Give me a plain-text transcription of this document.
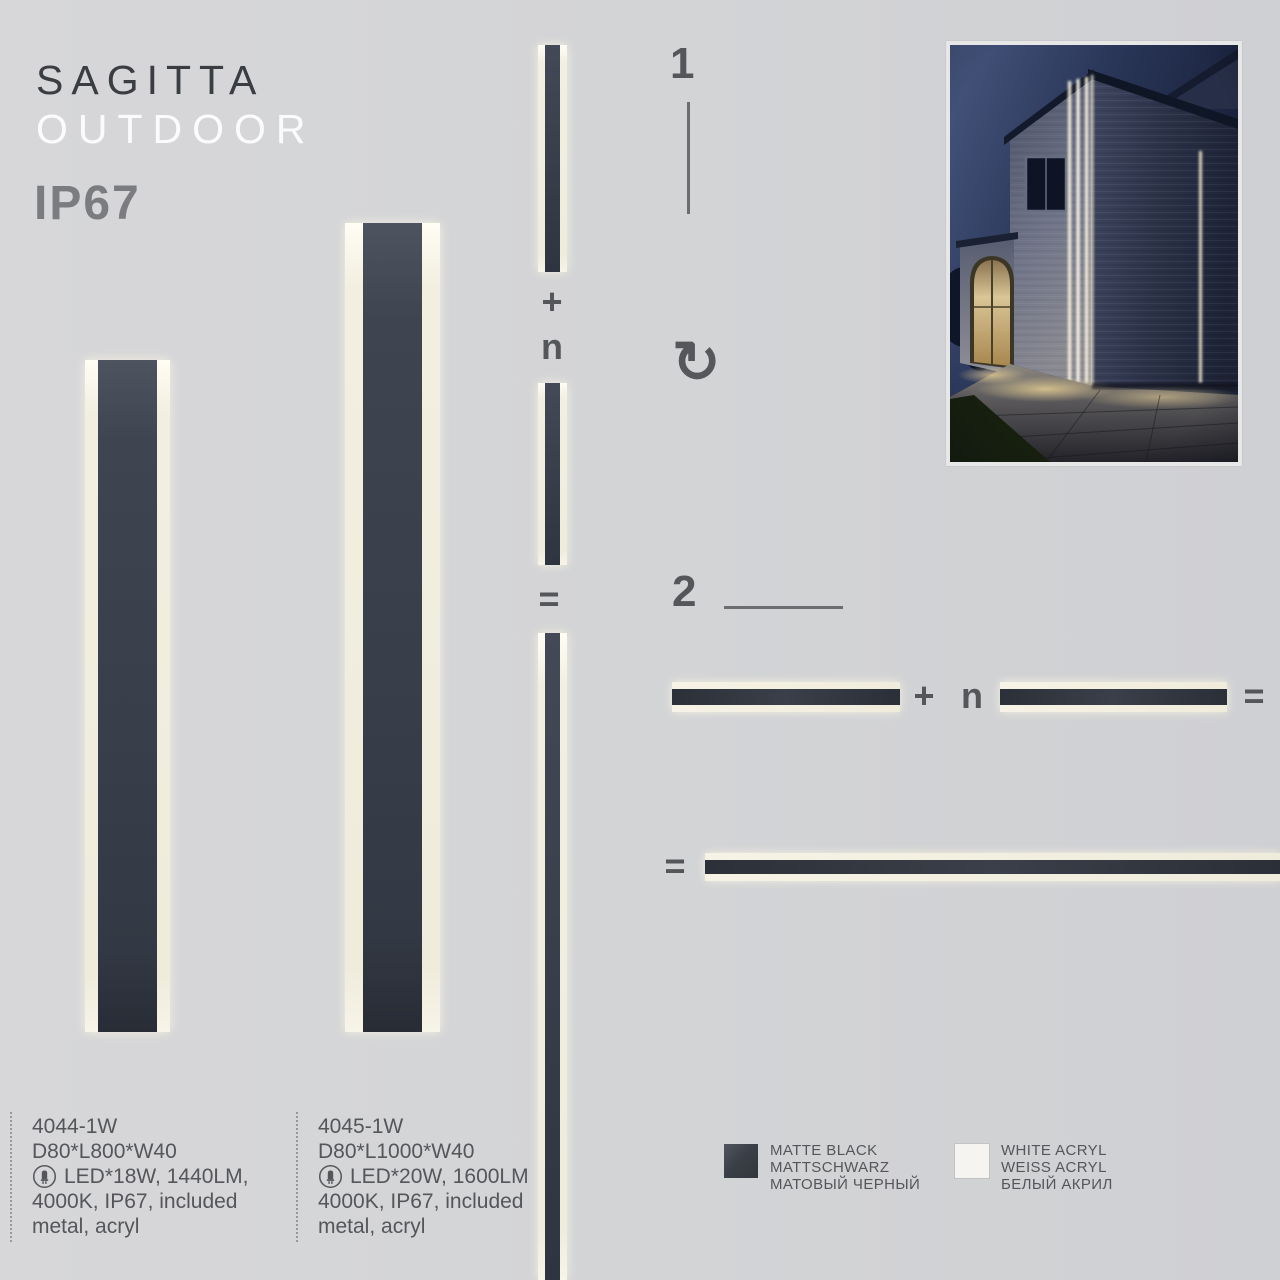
SAGITTA
OUTDOOR
IP67
+
n
=
1
↻
2
+ n	=
=
4044-1W
D80*L800*W40
LED*18W, 1440LM,
4000K, IP67, included
metal, acryl
4045-1W
D80*L1000*W40
LED*20W, 1600LM
4000K, IP67, included
metal, acryl
MATTE BLACK
MATTSCHWARZ
МАТОВЫЙ ЧЕРНЫЙ
WHITE ACRYL
WEISS ACRYL
БЕЛЫЙ АКРИЛ
